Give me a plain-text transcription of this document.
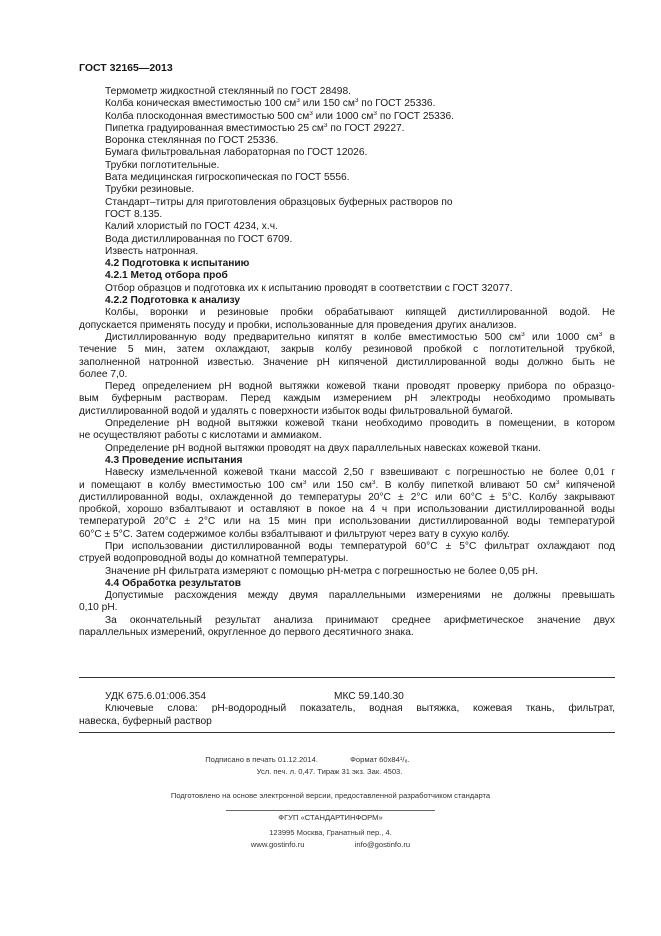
ГОСТ 32165—2013
Термометр жидкостной стеклянный по ГОСТ 28498.
Колба коническая вместимостью 100 $см^3$ или 150 $см^3$ по ГОСТ 25336.
Колба плоскодонная вместимостью 500 $см^3$ или 1000 $см^3$ по ГОСТ 25336.
Пипетка градуированная вместимостью 25 $см^3$ по ГОСТ 29227.
Воронка стеклянная по ГОСТ 25336.
Бумага фильтровальная лабораторная по ГОСТ 12026.
Трубки поглотительные.
Вата медицинская гигроскопическая по ГОСТ 5556.
Трубки резиновые.
Стандарт–титры для приготовления образцовых буферных растворов по
ГОСТ 8.135.
Калий хлористый по ГОСТ 4234, х.ч.
Вода дистиллированная по ГОСТ 6709.
Известь натронная.
4.2 Подготовка к испытанию
4.2.1 Метод отбора проб
Отбор образцов и подготовка их к испытанию проводят в соответствии с ГОСТ 32077.
4.2.2 Подготовка к анализу
Колбы, воронки и резиновые пробки обрабатывают кипящей дистиллированной водой. Не
допускается применять посуду и пробки, использованные для проведения других анализов.
Дистиллированную воду предварительно кипятят в колбе вместимостью 500 $см^3$ или 1000 $см^3$ в
течение 5 мин, затем охлаждают, закрыв колбу резиновой пробкой с поглотительной трубкой,
заполненной натронной известью. Значение рН кипяченой дистиллированной воды должно быть не
более 7,0.
Перед определением рН водной вытяжки кожевой ткани проводят проверку прибора по образцо-
вым буферным растворам. Перед каждым измерением рН электроды необходимо промывать
дистиллированной водой и удалять с поверхности избыток воды фильтровальной бумагой.
Определение рН водной вытяжки кожевой ткани необходимо проводить в помещении, в котором
не осуществляют работы с кислотами и аммиаком.
Определение рН водной вытяжки проводят на двух параллельных навесках кожевой ткани.
4.3 Проведение испытания
Навеску измельченной кожевой ткани массой 2,50 г взвешивают с погрешностью не более 0,01 г
и помещают в колбу вместимостью 100 $см^3$ или 150 $см^3$. В колбу пипеткой вливают 50 $см^3$ кипяченой
дистиллированной воды, охлажденной до температуры 20°С ± 2°С или 60°С ± 5°С. Колбу закрывают
пробкой, хорошо взбалтывают и оставляют в покое на 4 ч при использовании дистиллированной воды
температурой 20°С ± 2°С или на 15 мин при использовании дистиллированной воды температурой
60°С ± 5°С. Затем содержимое колбы взбалтывают и фильтруют через вату в сухую колбу.
При использовании дистиллированной воды температурой 60°С ± 5°С фильтрат охлаждают под
струей водопроводной воды до комнатной температуры.
Значение рН фильтрата измеряют с помощью рН-метра с погрешностью не более 0,05 рН.
4.4 Обработка результатов
Допустимые расхождения между двумя параллельными измерениями не должны превышать
0,10 рН.
За окончательный результат анализа принимают среднее арифметическое значение двух
параллельных измерений, округленное до первого десятичного знака.
УДК 675.6.01:006.354	МКС 59.140.30
Ключевые слова: рН-водородный показатель, водная вытяжка, кожевая ткань, фильтрат,
навеска, буферный раствор
Подписано в печать 01.12.2014.	Формат 60x84¹/₈.
Усл. печ. л. 0,47. Тираж 31 экз. Зак. 4503.
Подготовлено на основе электронной версии, предоставленной разработчиком стандарта
ФГУП «СТАНДАРТИНФОРМ»
123995 Москва, Гранатный пер., 4.
www.gostinfo.ru	info@gostinfo.ru
